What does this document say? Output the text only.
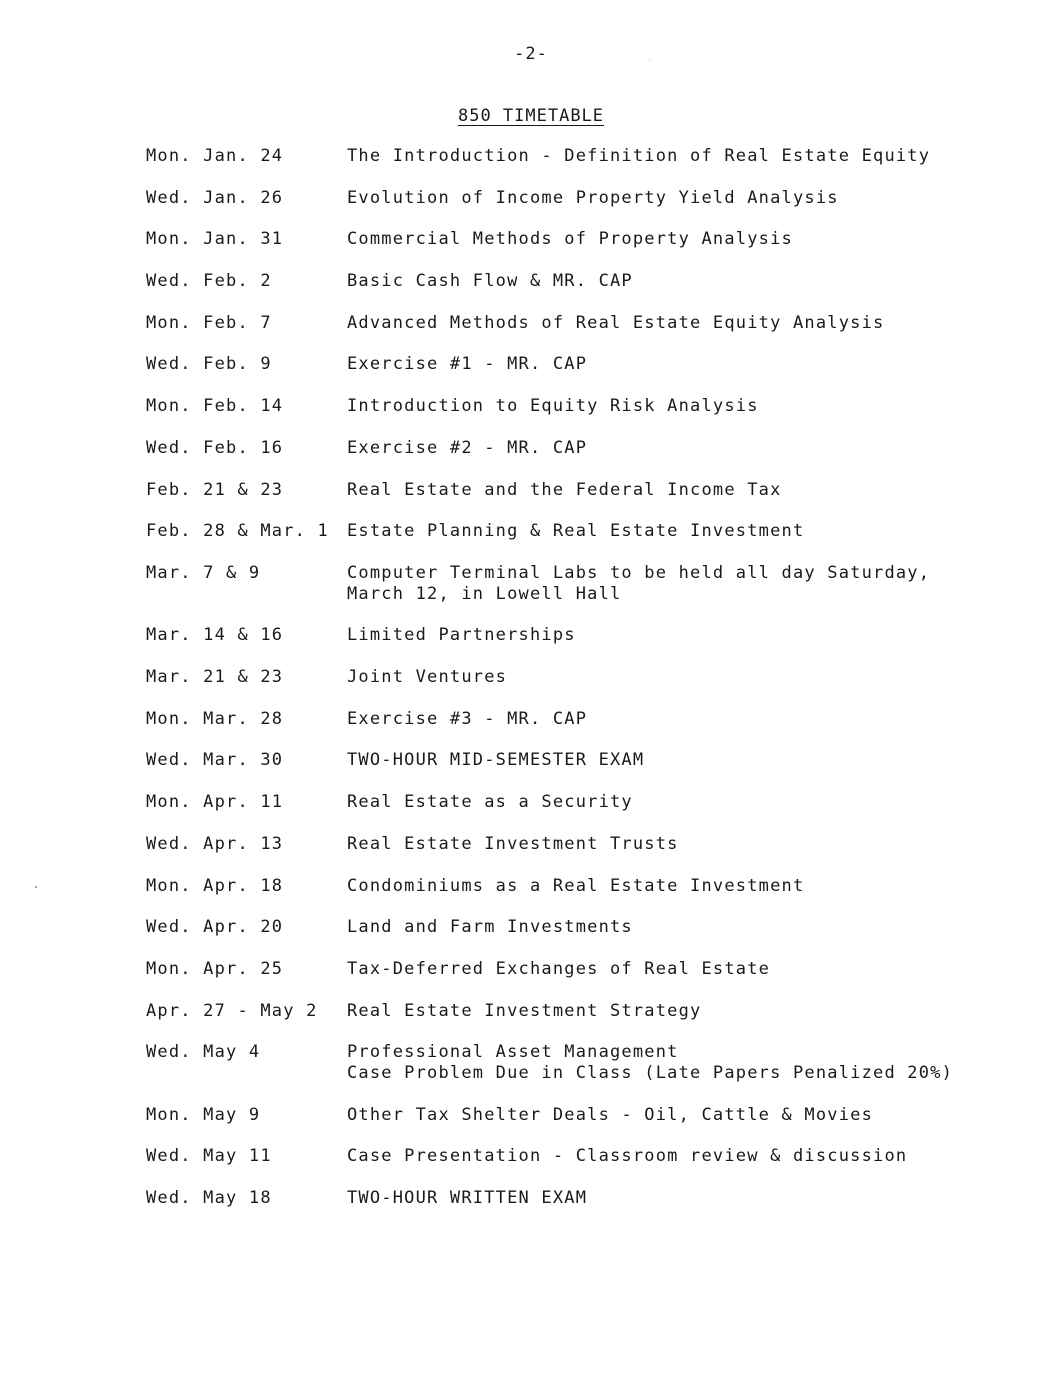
-2-
850 TIMETABLE
Mon. Jan. 24	The Introduction - Definition of Real Estate Equity
Wed. Jan. 26	Evolution of Income Property Yield Analysis
Mon. Jan. 31	Commercial Methods of Property Analysis
Wed. Feb. 2	Basic Cash Flow & MR. CAP
Mon. Feb. 7	Advanced Methods of Real Estate Equity Analysis
Wed. Feb. 9	Exercise #1 - MR. CAP
Mon. Feb. 14	Introduction to Equity Risk Analysis
Wed. Feb. 16	Exercise #2 - MR. CAP
Feb. 21 & 23	Real Estate and the Federal Income Tax
Feb. 28 & Mar. 1	Estate Planning & Real Estate Investment
Mar. 7 & 9	Computer Terminal Labs to be held all day Saturday,
March 12, in Lowell Hall
Mar. 14 & 16	Limited Partnerships
Mar. 21 & 23	Joint Ventures
Mon. Mar. 28	Exercise #3 - MR. CAP
Wed. Mar. 30	TWO-HOUR MID-SEMESTER EXAM
Mon. Apr. 11	Real Estate as a Security
Wed. Apr. 13	Real Estate Investment Trusts
Mon. Apr. 18	Condominiums as a Real Estate Investment
Wed. Apr. 20	Land and Farm Investments
Mon. Apr. 25	Tax-Deferred Exchanges of Real Estate
Apr. 27 - May 2	Real Estate Investment Strategy
Wed. May 4	Professional Asset Management
Case Problem Due in Class (Late Papers Penalized 20%)
Mon. May 9	Other Tax Shelter Deals - Oil, Cattle & Movies
Wed. May 11	Case Presentation - Classroom review & discussion
Wed. May 18	TWO-HOUR WRITTEN EXAM
